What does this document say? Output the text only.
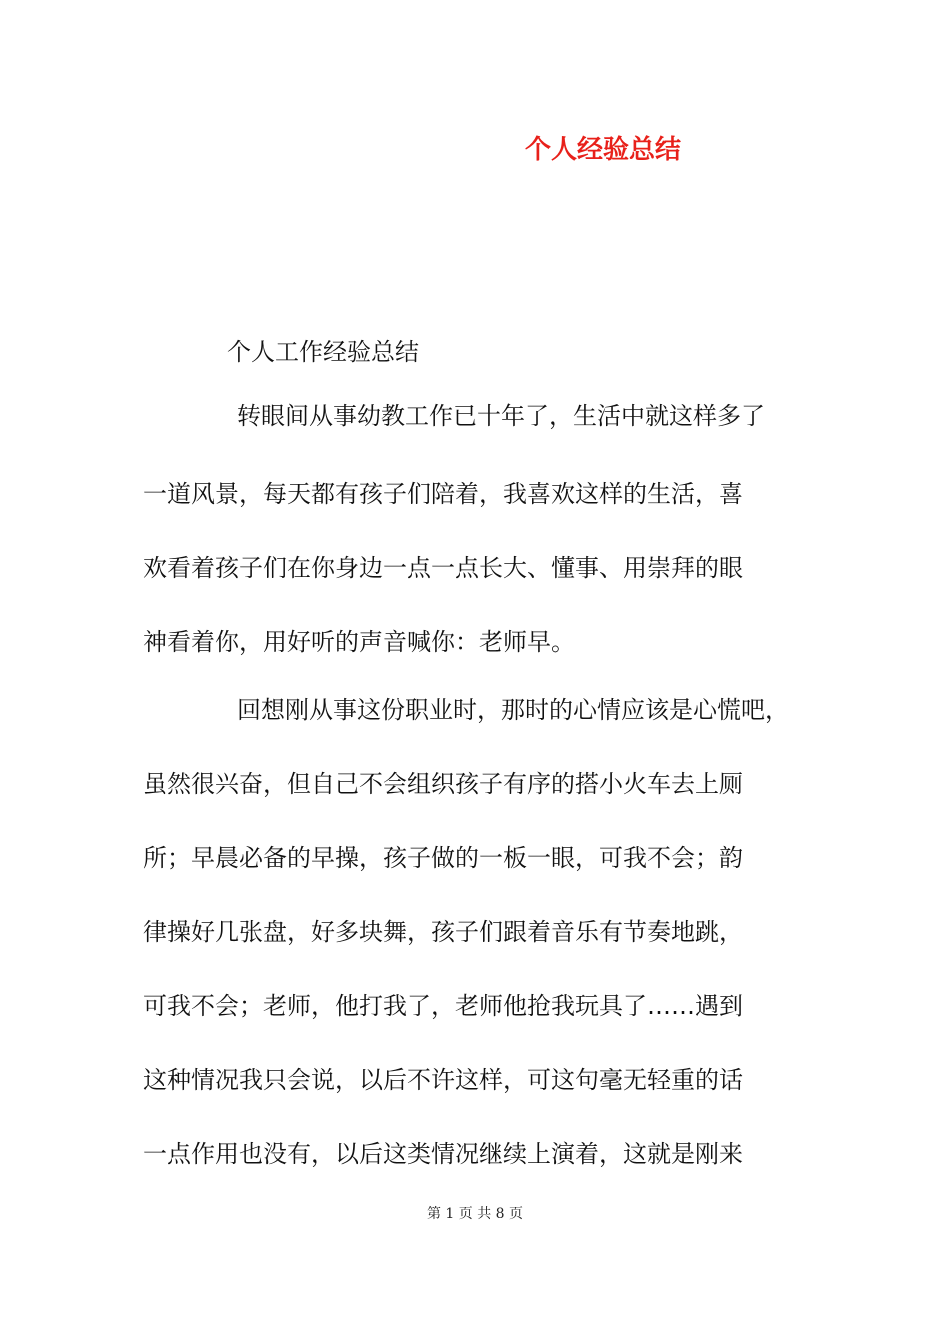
个人经验总结

个人工作经验总结

转眼间从事幼教工作已十年了，生活中就这样多了

一道风景，每天都有孩子们陪着，我喜欢这样的生活，喜

欢看着孩子们在你身边一点一点长大、懂事、用崇拜的眼

神看着你，用好听的声音喊你：老师早。

回想刚从事这份职业时，那时的心情应该是心慌吧，

虽然很兴奋，但自己不会组织孩子有序的搭小火车去上厕

所；早晨必备的早操，孩子做的一板一眼，可我不会；韵

律操好几张盘，好多块舞，孩子们跟着音乐有节奏地跳，

可我不会；老师，他打我了，老师他抢我玩具了……遇到

这种情况我只会说，以后不许这样，可这句毫无轻重的话

一点作用也没有，以后这类情况继续上演着，这就是刚来

第 1 页 共 8 页
